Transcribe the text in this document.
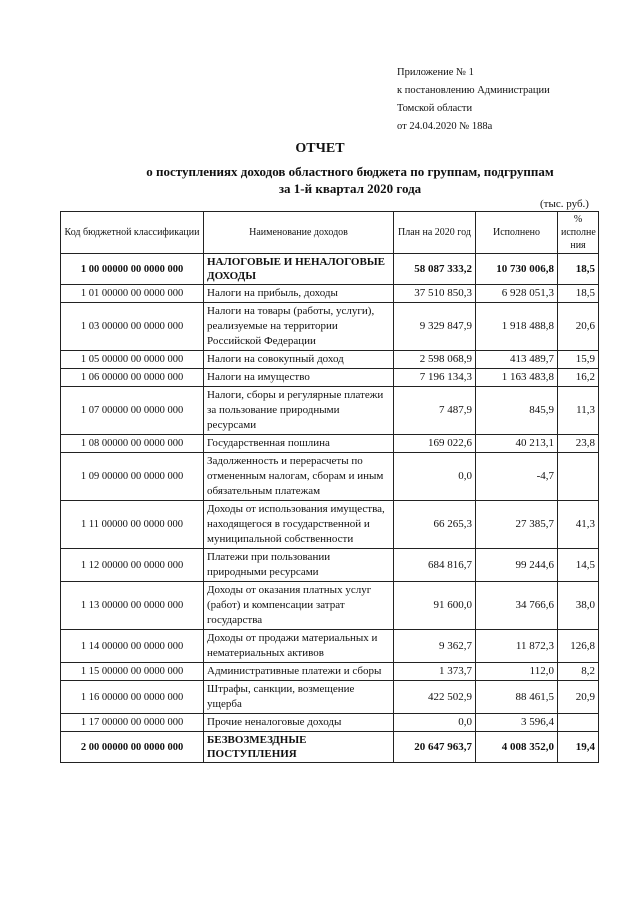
Приложение № 1
к постановлению Администрации
Томской области
от 24.04.2020 № 188а
ОТЧЕТ
о поступлениях доходов областного бюджета по группам, подгруппам
за 1-й квартал 2020 года
(тыс. руб.)
Код бюджетной классификации	Наименование доходов	План на 2020 год	Исполнено	% исполне ния
1 00 00000 00 0000 000	НАЛОГОВЫЕ И НЕНАЛОГОВЫЕ ДОХОДЫ	58 087 333,2	10 730 006,8	18,5
1 01 00000 00 0000 000	Налоги на прибыль, доходы	37 510 850,3	6 928 051,3	18,5
1 03 00000 00 0000 000	Налоги на товары (работы, услуги), реализуемые на территории Российской Федерации	9 329 847,9	1 918 488,8	20,6
1 05 00000 00 0000 000	Налоги на совокупный доход	2 598 068,9	413 489,7	15,9
1 06 00000 00 0000 000	Налоги на имущество	7 196 134,3	1 163 483,8	16,2
1 07 00000 00 0000 000	Налоги, сборы и регулярные платежи за пользование природными ресурсами	7 487,9	845,9	11,3
1 08 00000 00 0000 000	Государственная пошлина	169 022,6	40 213,1	23,8
1 09 00000 00 0000 000	Задолженность и перерасчеты по отмененным налогам, сборам и иным обязательным платежам	0,0	-4,7	
1 11 00000 00 0000 000	Доходы от использования имущества, находящегося в государственной и муниципальной собственности	66 265,3	27 385,7	41,3
1 12 00000 00 0000 000	Платежи при пользовании природными ресурсами	684 816,7	99 244,6	14,5
1 13 00000 00 0000 000	Доходы от оказания платных услуг (работ) и компенсации затрат государства	91 600,0	34 766,6	38,0
1 14 00000 00 0000 000	Доходы от продажи материальных и нематериальных активов	9 362,7	11 872,3	126,8
1 15 00000 00 0000 000	Административные платежи и сборы	1 373,7	112,0	8,2
1 16 00000 00 0000 000	Штрафы, санкции, возмещение ущерба	422 502,9	88 461,5	20,9
1 17 00000 00 0000 000	Прочие неналоговые доходы	0,0	3 596,4	
2 00 00000 00 0000 000	БЕЗВОЗМЕЗДНЫЕ ПОСТУПЛЕНИЯ	20 647 963,7	4 008 352,0	19,4
